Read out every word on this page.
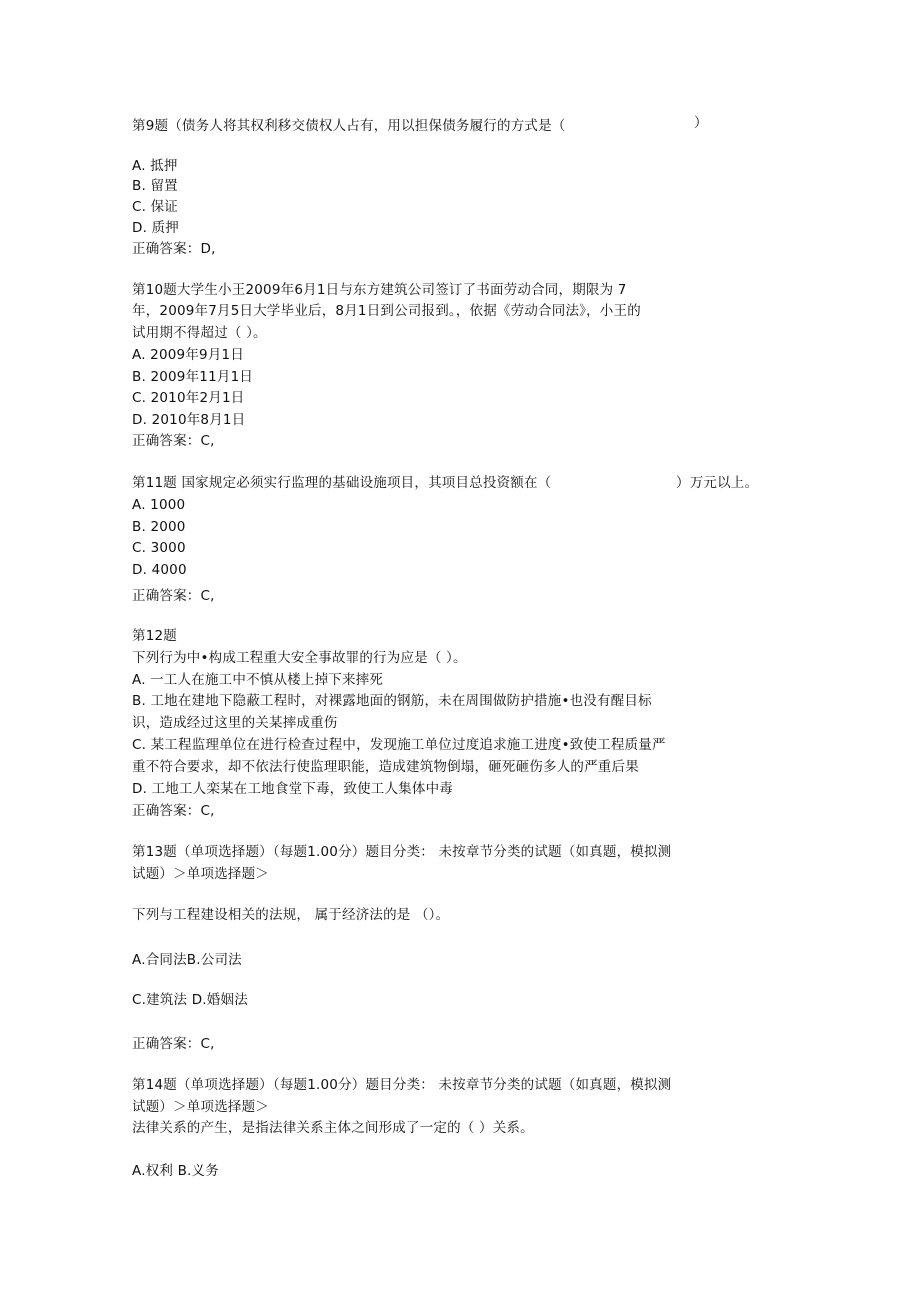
第9题（债务人将其权利移交债权人占有，用以担保债务履行的方式是（	）
A. 抵押
B. 留置
C. 保证
D. 质押
正确答案：D,
第10题大学生小王2009年6月1日与东方建筑公司签订了书面劳动合同，期限为 7
年，2009年7月5日大学毕业后，8月1日到公司报到。，依据《劳动合同法》，小王的
试用期不得超过（ ）。
A. 2009年9月1日
B. 2009年11月1日
C. 2010年2月1日
D. 2010年8月1日
正确答案：C,
第11题 国家规定必须实行监理的基础设施项目，其项目总投资额在（	）万元以上。
A. 1000
B. 2000
C. 3000
D. 4000
正确答案：C,
第12题
下列行为中•构成工程重大安全事故罪的行为应是（ ）。
A. 一工人在施工中不慎从楼上掉下来摔死
B. 工地在建地下隐蔽工程时，对裸露地面的钢筋，未在周围做防护措施•也没有醒目标
识，造成经过这里的关某摔成重伤
C. 某工程监理单位在进行检查过程中，发现施工单位过度追求施工进度•致使工程质量严
重不符合要求，却不依法行使监理职能，造成建筑物倒塌，砸死砸伤多人的严重后果
D. 工地工人栾某在工地食堂下毒，致使工人集体中毒
正确答案：C,
第13题（单项选择题）（每题1.00分）题目分类： 未按章节分类的试题（如真题，模拟测
试题）＞单项选择题＞
下列与工程建设相关的法规， 属于经济法的是 （）。
A.合同法B.公司法
C.建筑法 D.婚姻法
正确答案：C,
第14题（单项选择题）（每题1.00分）题目分类： 未按章节分类的试题（如真题，模拟测
试题）＞单项选择题＞
法律关系的产生，是指法律关系主体之间形成了一定的（ ）关系。
A.权利 B.义务
